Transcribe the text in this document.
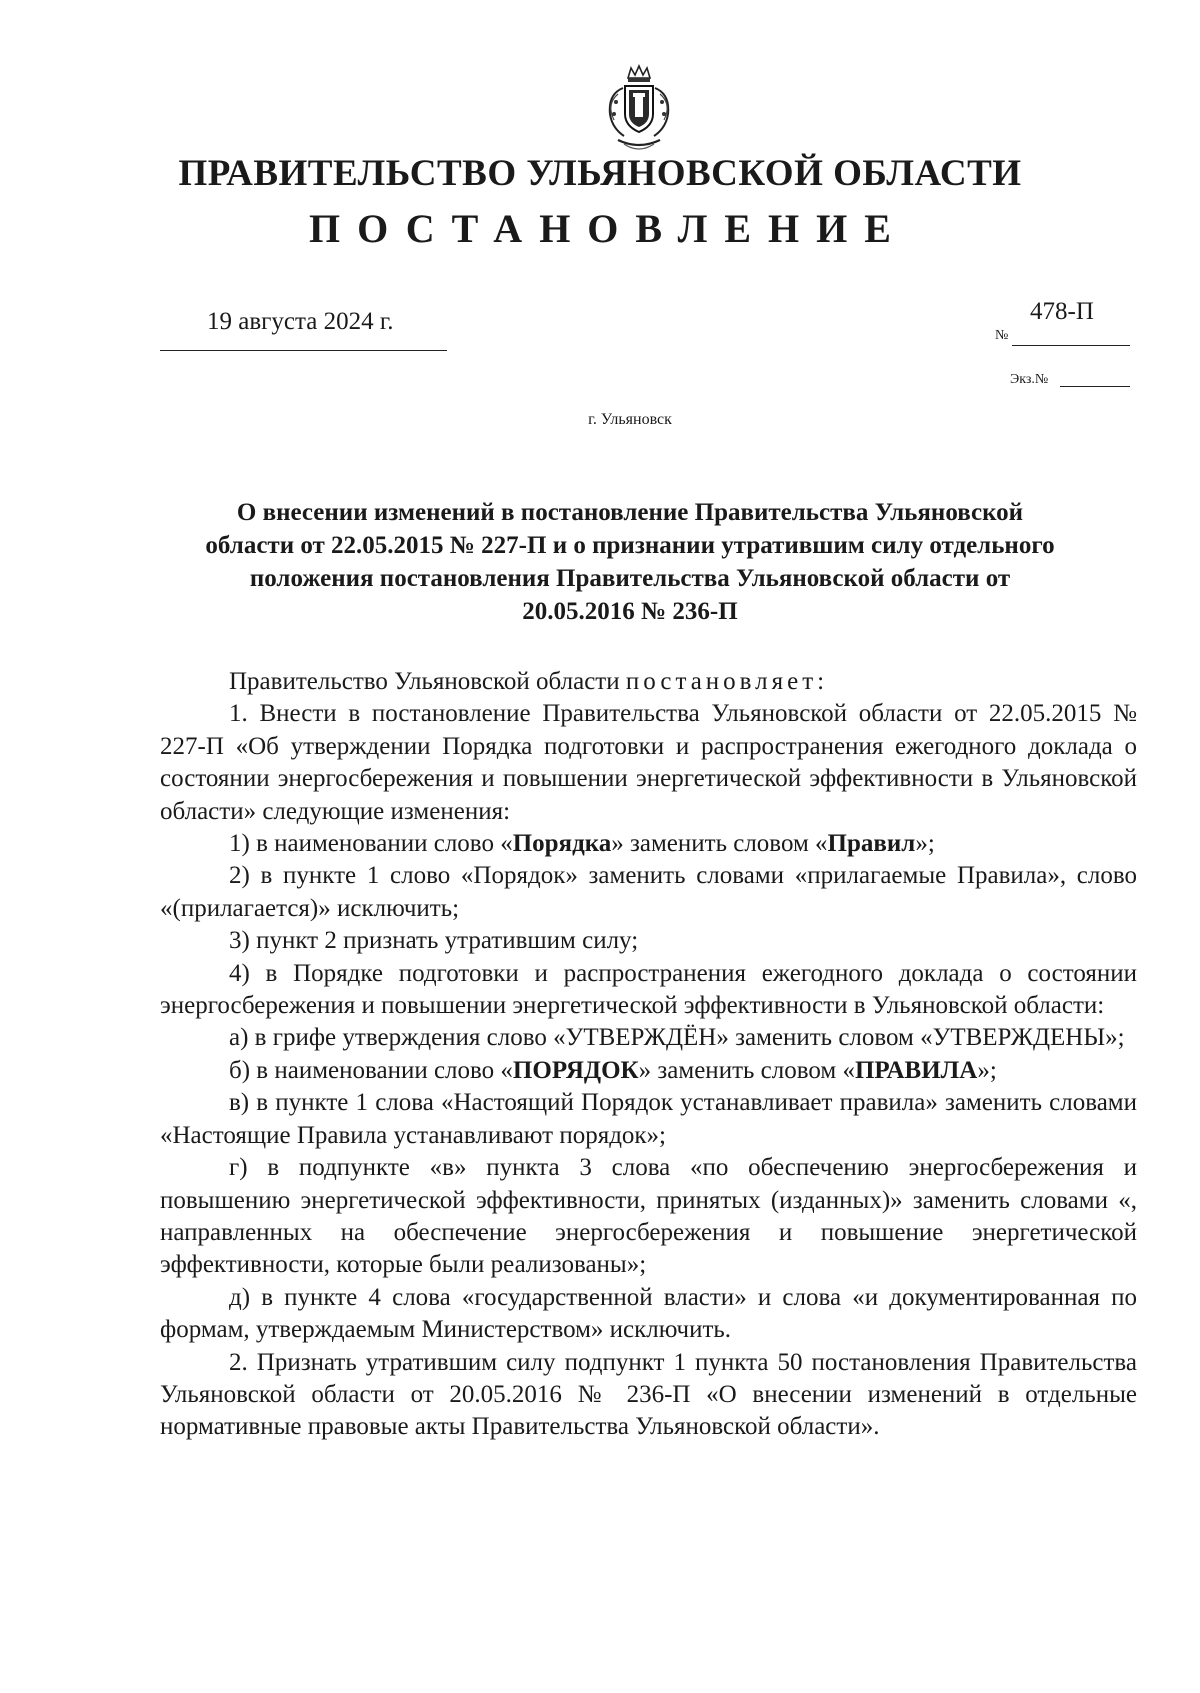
ПРАВИТЕЛЬСТВО УЛЬЯНОВСКОЙ ОБЛАСТИ
ПОСТАНОВЛЕНИЕ
19 августа 2024 г.
№
478-П
Экз.№
г. Ульяновск
О внесении изменений в постановление Правительства Ульяновской области от 22.05.2015 № 227-П и о признании утратившим силу отдельного положения постановления Правительства Ульяновской области от 20.05.2016 № 236-П

Правительство Ульяновской области постановляет:

1. Внести в постановление Правительства Ульяновской области от 22.05.2015 № 227-П «Об утверждении Порядка подготовки и распространения ежегодного доклада о состоянии энергосбережения и повышении энергетической эффективности в Ульяновской области» следующие изменения:

1) в наименовании слово «Порядка» заменить словом «Правил»;

2) в пункте 1 слово «Порядок» заменить словами «прилагаемые Правила», слово «(прилагается)» исключить;

3) пункт 2 признать утратившим силу;

4) в Порядке подготовки и распространения ежегодного доклада о состоянии энергосбережения и повышении энергетической эффективности в Ульяновской области:

а) в грифе утверждения слово «УТВЕРЖДЁН» заменить словом «УТВЕРЖДЕНЫ»;

б) в наименовании слово «ПОРЯДОК» заменить словом «ПРАВИЛА»;

в) в пункте 1 слова «Настоящий Порядок устанавливает правила» заменить словами «Настоящие Правила устанавливают порядок»;

г) в подпункте «в» пункта 3 слова «по обеспечению энергосбережения и повышению энергетической эффективности, принятых (изданных)» заменить словами «, направленных на обеспечение энергосбережения и повышение энергетической эффективности, которые были реализованы»;

д) в пункте 4 слова «государственной власти» и слова «и документированная по формам, утверждаемым Министерством» исключить.

2. Признать утратившим силу подпункт 1 пункта 50 постановления Правительства Ульяновской области от 20.05.2016 № 236-П «О внесении изменений в отдельные нормативные правовые акты Правительства Ульяновской области».
